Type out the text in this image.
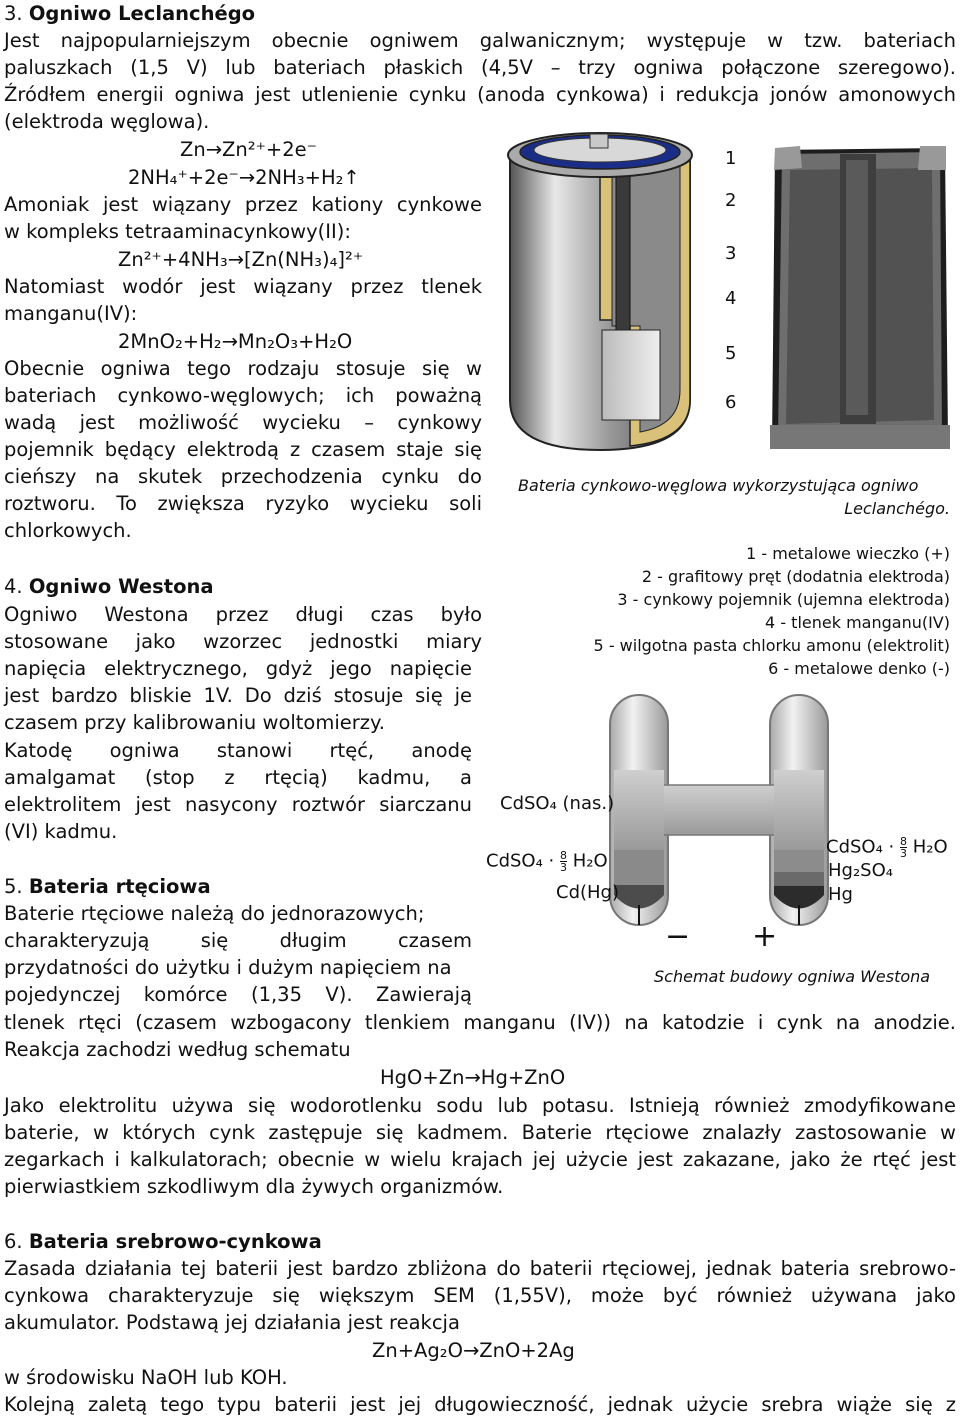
3. Ogniwo Leclanchégo
Jest najpopularniejszym obecnie ogniwem galwanicznym; występuje w tzw. bateriach
paluszkach (1,5 V) lub bateriach płaskich (4,5V – trzy ogniwa połączone szeregowo).
Źródłem energii ogniwa jest utlenienie cynku (anoda cynkowa) i redukcja jonów amonowych
(elektroda węglowa).
Zn→Zn²⁺+2e⁻
2NH₄⁺+2e⁻→2NH₃+H₂↑
Amoniak jest wiązany przez kationy cynkowe
w kompleks tetraaminacynkowy(II):
Zn²⁺+4NH₃→[Zn(NH₃)₄]²⁺
Natomiast wodór jest wiązany przez tlenek
manganu(IV):
2MnO₂+H₂→Mn₂O₃+H₂O
Obecnie ogniwa tego rodzaju stosuje się w
bateriach cynkowo-węglowych; ich poważną
wadą jest możliwość wycieku – cynkowy
pojemnik będący elektrodą z czasem staje się
cieńszy na skutek przechodzenia cynku do
roztworu. To zwiększa ryzyko wycieku soli
chlorkowych.
1
2
3
4
5
6
Bateria cynkowo-węglowa wykorzystująca ogniwo
Leclanchégo.
1 - metalowe wieczko (+)
2 - grafitowy pręt (dodatnia elektroda)
3 - cynkowy pojemnik (ujemna elektroda)
4 - tlenek manganu(IV)
5 - wilgotna pasta chlorku amonu (elektrolit)
6 - metalowe denko (-)
4. Ogniwo Westona
Ogniwo Westona przez długi czas było
stosowane jako wzorzec jednostki miary
napięcia elektrycznego, gdyż jego napięcie
jest bardzo bliskie 1V. Do dziś stosuje się je
czasem przy kalibrowaniu woltomierzy.
Katodę ogniwa stanowi rtęć, anodę
amalgamat (stop z rtęcią) kadmu, a
elektrolitem jest nasycony roztwór siarczanu
(VI) kadmu.
CdSO₄ (nas.)
CdSO₄ · $\frac{8}{3} H_2O$
Cd(Hg)
CdSO₄ · $\frac{8}{3} H_2O$
Hg₂SO₄
Hg
− +
Schemat budowy ogniwa Westona
5. Bateria rtęciowa
Baterie rtęciowe należą do jednorazowych;
charakteryzują się długim czasem
przydatności do użytku i dużym napięciem na
pojedynczej komórce (1,35 V). Zawierają
tlenek rtęci (czasem wzbogacony tlenkiem manganu (IV)) na katodzie i cynk na anodzie.
Reakcja zachodzi według schematu
HgO+Zn→Hg+ZnO
Jako elektrolitu używa się wodorotlenku sodu lub potasu. Istnieją również zmodyfikowane
baterie, w których cynk zastępuje się kadmem. Baterie rtęciowe znalazły zastosowanie w
zegarkach i kalkulatorach; obecnie w wielu krajach jej użycie jest zakazane, jako że rtęć jest
pierwiastkiem szkodliwym dla żywych organizmów.
6. Bateria srebrowo-cynkowa
Zasada działania tej baterii jest bardzo zbliżona do baterii rtęciowej, jednak bateria srebrowo-
cynkowa charakteryzuje się większym SEM (1,55V), może być również używana jako
akumulator. Podstawą jej działania jest reakcja
Zn+Ag₂O→ZnO+2Ag
w środowisku NaOH lub KOH.
Kolejną zaletą tego typu baterii jest jej długowieczność, jednak użycie srebra wiąże się z
